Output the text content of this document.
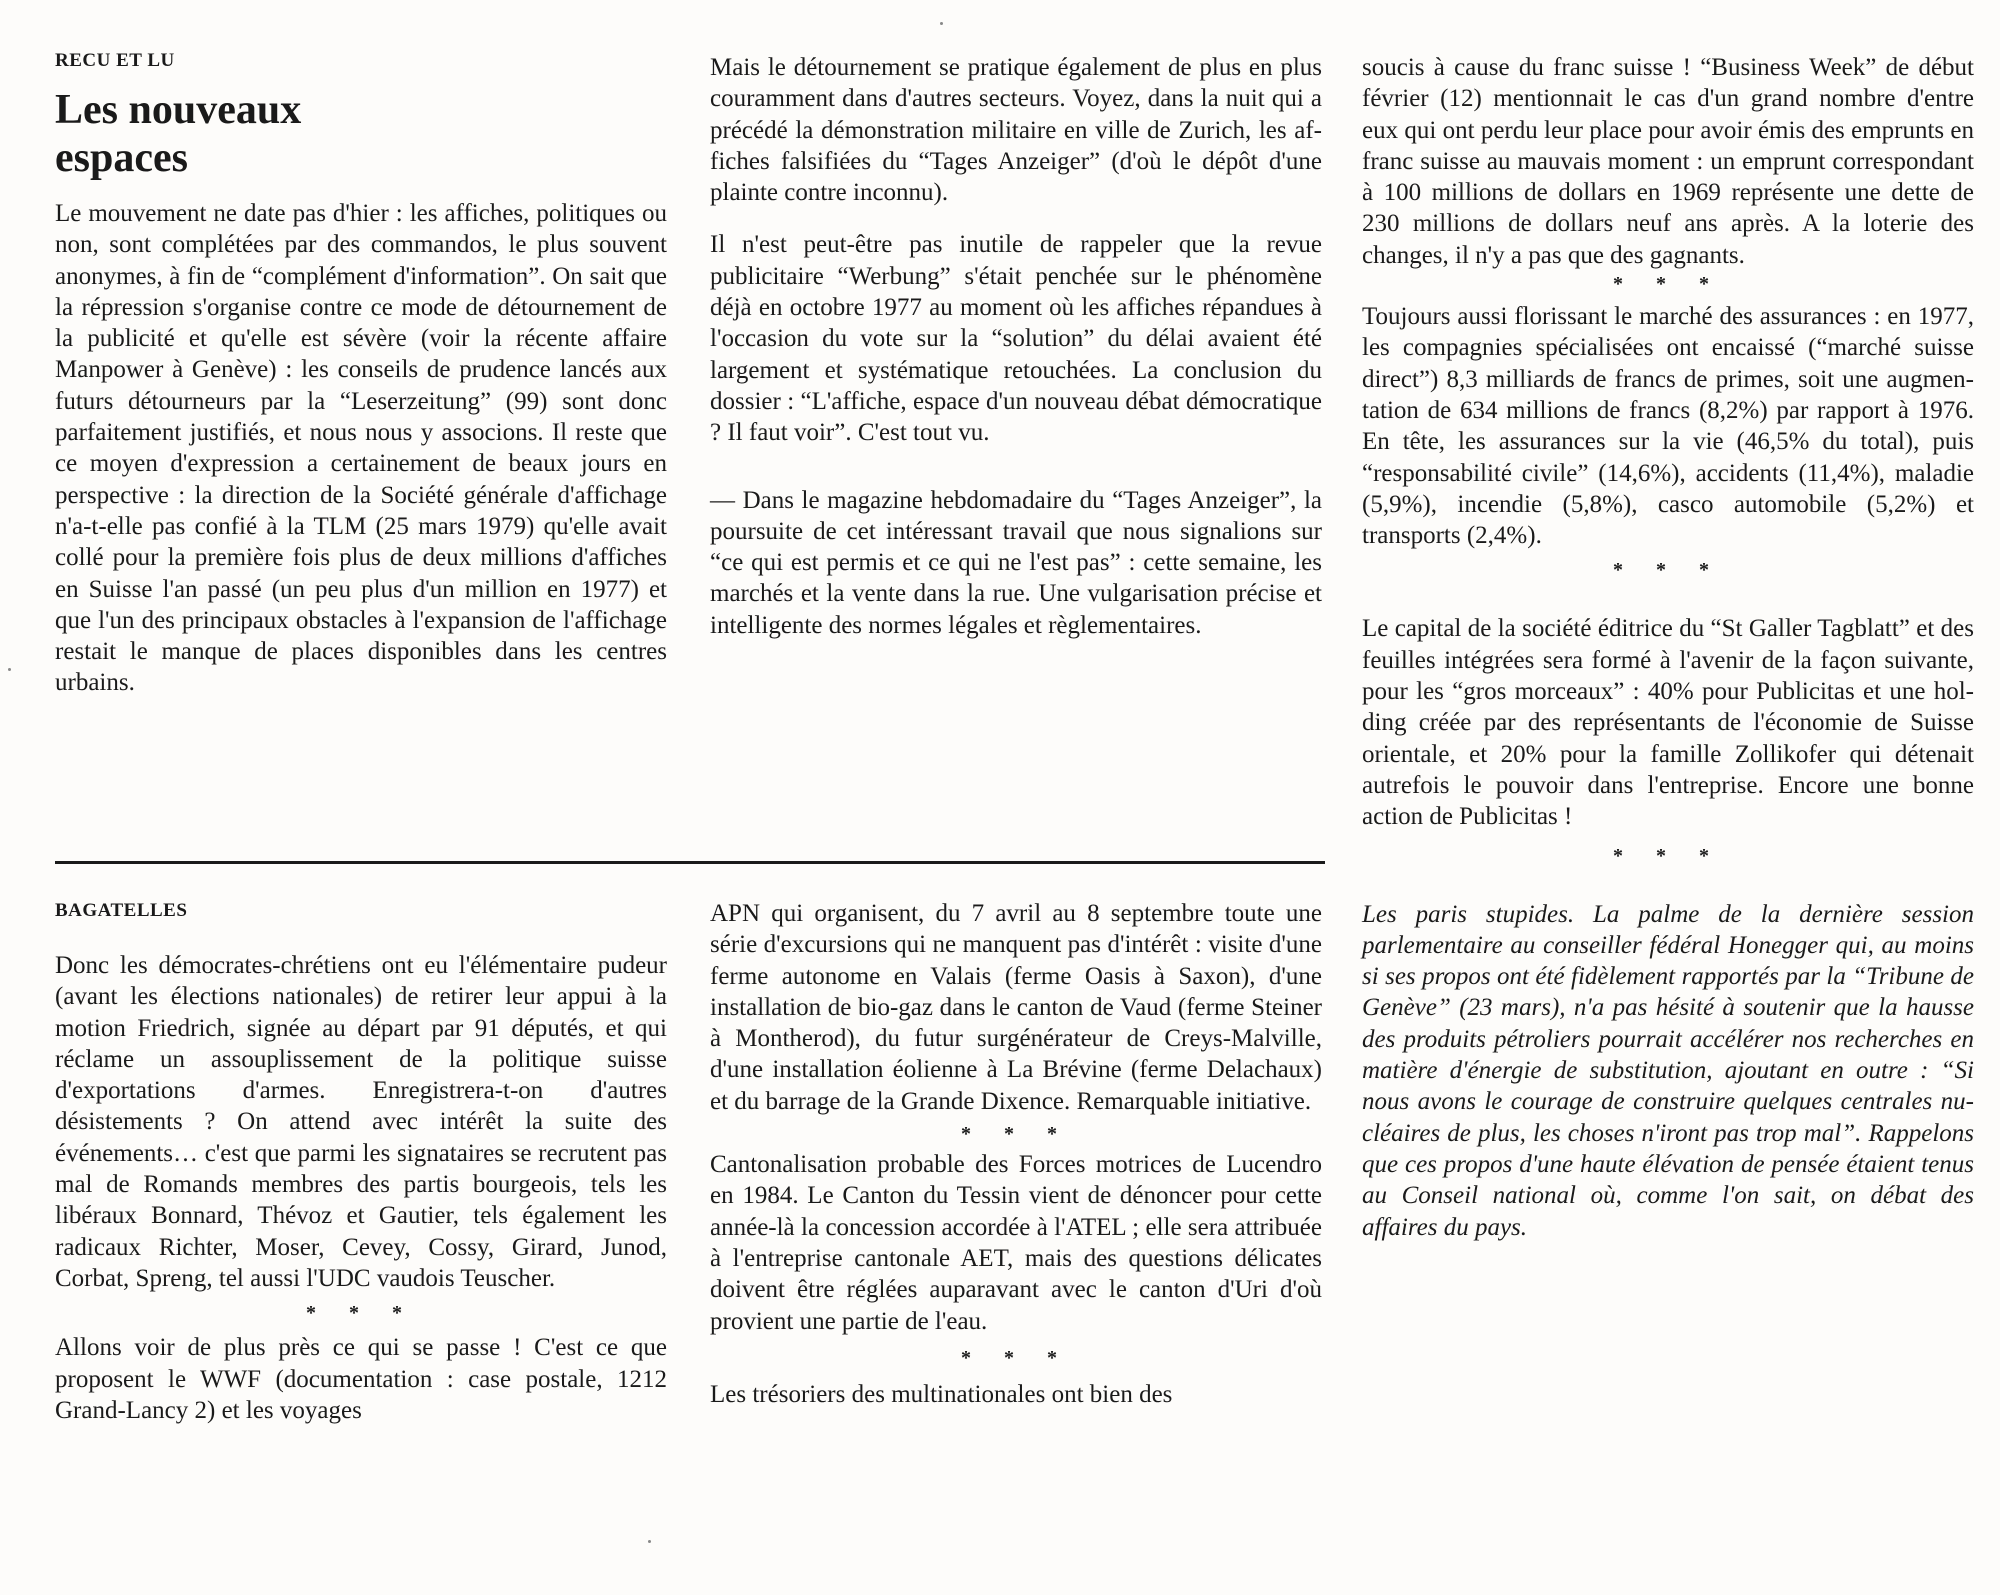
RECU ET LU

Les nouveaux
espaces

Le mouvement ne date pas d'hier : les affiches, politiques ou non, sont complétées par des commandos, le plus souvent anonymes, à fin de “complément d'information”. On sait que la répression s'organise contre ce mode de détournement de la publicité et qu'elle est sévère (voir la récente affaire Manpower à Genève) : les conseils de prudence lancés aux futurs détourneurs par la “Leserzeitung” (99) sont donc parfaitement justifiés, et nous nous y associons. Il reste que ce moyen d'expression a certainement de beaux jours en perspective : la direction de la Société générale d'affichage n'a-t-elle pas confié à la TLM (25 mars 1979) qu'elle avait collé pour la première fois plus de deux millions d'affiches en Suisse l'an passé (un peu plus d'un million en 1977) et que l'un des principaux obstacles à l'expansion de l'affichage restait le manque de places disponibles dans les centres urbains.

Mais le détournement se pratique également de plus en plus couramment dans d'autres secteurs. Voyez, dans la nuit qui a précédé la démonstration militaire en ville de Zurich, les affiches falsifiées du “Tages Anzeiger” (d'où le dépôt d'une plainte contre inconnu).

Il n'est peut-être pas inutile de rappeler que la revue publicitaire “Werbung” s'était penchée sur le phénomène déjà en octobre 1977 au moment où les affiches répandues à l'occasion du vote sur la “solution” du délai avaient été largement et systématique retouchées. La conclusion du dossier : “L'affiche, espace d'un nouveau débat démocratique ? Il faut voir”. C'est tout vu.

— Dans le magazine hebdomadaire du “Tages Anzeiger”, la poursuite de cet intéressant travail que nous signalions sur “ce qui est permis et ce qui ne l'est pas” : cette semaine, les marchés et la vente dans la rue. Une vulgarisation précise et intelligente des normes légales et règlementaires.

BAGATELLES

Donc les démocrates-chrétiens ont eu l'élémentaire pudeur (avant les élections nationales) de retirer leur appui à la motion Friedrich, signée au départ par 91 députés, et qui réclame un assouplissement de la politique suisse d'exportations d'armes. Enregistrera-t-on d'autres désistements ? On attend avec intérêt la suite des événements… c'est que parmi les signataires se recrutent pas mal de Romands membres des partis bourgeois, tels les libéraux Bonnard, Thévoz et Gautier, tels également les radicaux Richter, Moser, Cevey, Cossy, Girard, Junod, Corbat, Spreng, tel aussi l'UDC vaudois Teuscher.

* * *

Allons voir de plus près ce qui se passe ! C'est ce que proposent le WWF (documentation : case postale, 1212 Grand-Lancy 2) et les voyages

APN qui organisent, du 7 avril au 8 septembre toute une série d'excursions qui ne manquent pas d'intérêt : visite d'une ferme autonome en Valais (ferme Oasis à Saxon), d'une installation de bio-gaz dans le canton de Vaud (ferme Steiner à Montherod), du futur surgénérateur de Creys-Malville, d'une installation éolienne à La Brévine (ferme Delachaux) et du barrage de la Grande Dixence. Remarquable initiative.

* * *

Cantonalisation probable des Forces motrices de Lucendro en 1984. Le Canton du Tessin vient de dénoncer pour cette année-là la concession accordée à l'ATEL ; elle sera attribuée à l'entreprise cantonale AET, mais des questions délicates doivent être réglées auparavant avec le canton d'Uri d'où provient une partie de l'eau.

* * *

Les trésoriers des multinationales ont bien des

soucis à cause du franc suisse ! “Business Week” de début février (12) mentionnait le cas d'un grand nombre d'entre eux qui ont perdu leur place pour avoir émis des emprunts en franc suisse au mauvais moment : un emprunt correspondant à 100 millions de dollars en 1969 représente une dette de 230 millions de dollars neuf ans après. A la loterie des changes, il n'y a pas que des gagnants.

* * *

Toujours aussi florissant le marché des assurances : en 1977, les compagnies spécialisées ont encaissé (“marché suisse direct”) 8,3 milliards de francs de primes, soit une augmentation de 634 millions de francs (8,2%) par rapport à 1976. En tête, les assurances sur la vie (46,5% du total), puis “responsabilité civile” (14,6%), accidents (11,4%), maladie (5,9%), incendie (5,8%), casco automobile (5,2%) et transports (2,4%).

* * *

Le capital de la société éditrice du “St Galler Tagblatt” et des feuilles intégrées sera formé à l'avenir de la façon suivante, pour les “gros morceaux” : 40% pour Publicitas et une holding créée par des représentants de l'économie de Suisse orientale, et 20% pour la famille Zollikofer qui détenait autrefois le pouvoir dans l'entreprise. Encore une bonne action de Publicitas !

* * *

Les paris stupides. La palme de la dernière session parlementaire au conseiller fédéral Honegger qui, au moins si ses propos ont été fidèlement rapportés par la “Tribune de Genève” (23 mars), n'a pas hésité à soutenir que la hausse des produits pétroliers pourrait accélérer nos recherches en matière d'énergie de substitution, ajoutant en outre : “Si nous avons le courage de construire quelques centrales nucléaires de plus, les choses n'iront pas trop mal”. Rappelons que ces propos d'une haute élévation de pensée étaient tenus au Conseil national où, comme l'on sait, on débat des affaires du pays.
